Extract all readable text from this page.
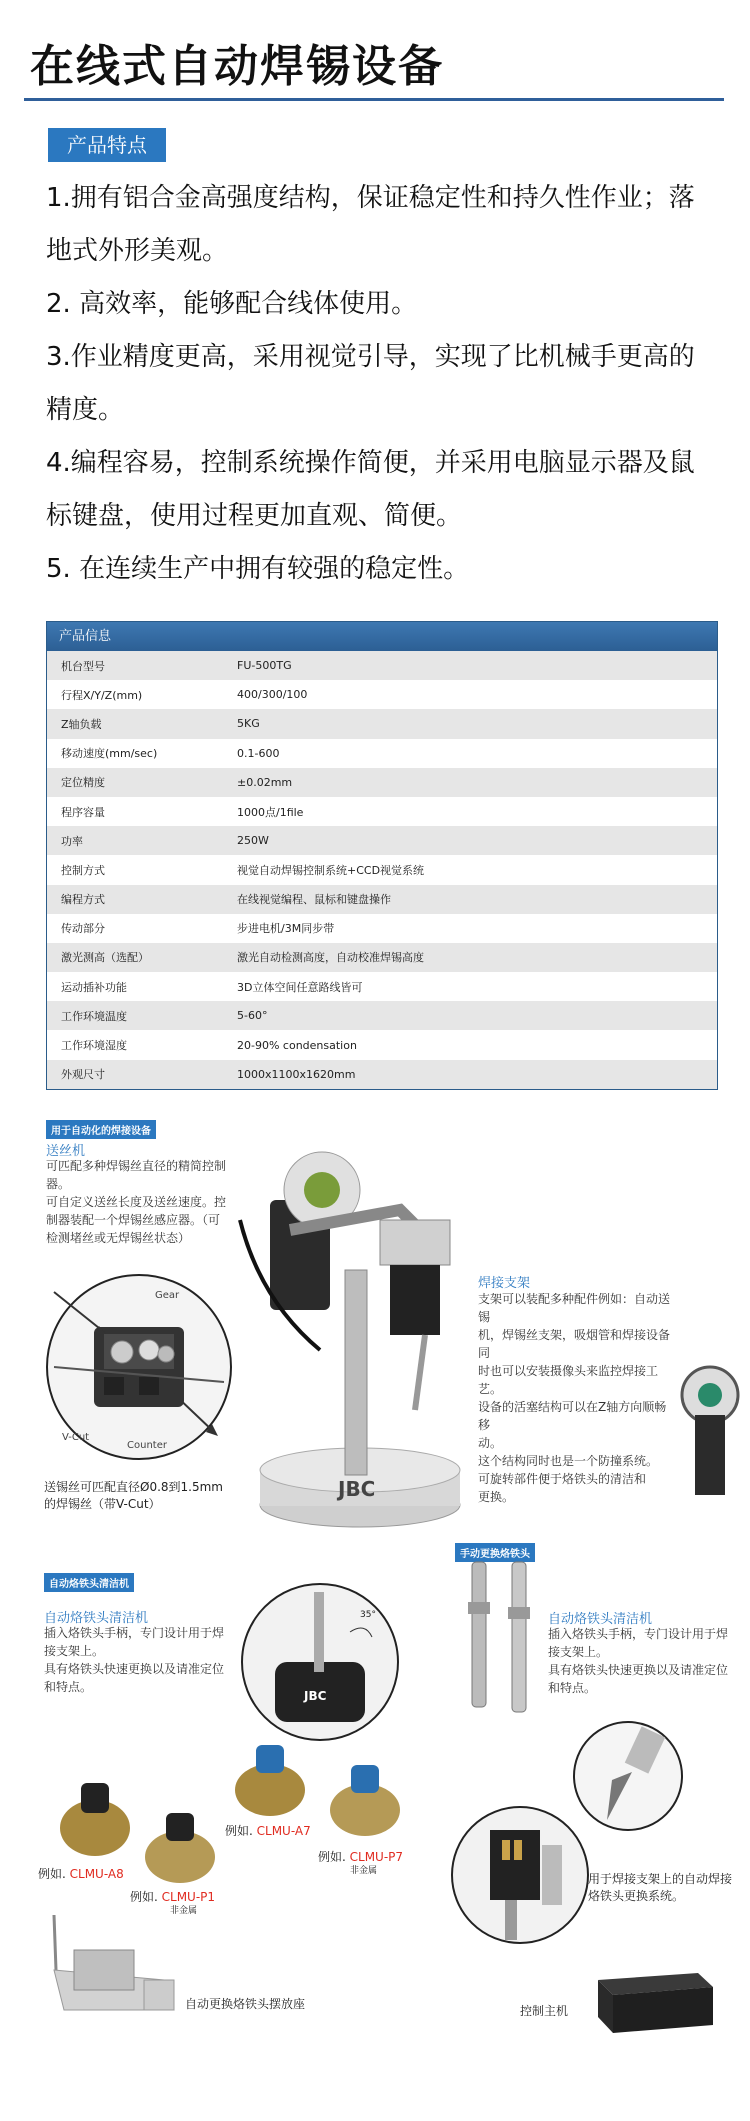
在线式自动焊锡设备
产品特点

1.拥有铝合金高强度结构，保证稳定性和持久性作业；落

地式外形美观。

2. 高效率，能够配合线体使用。

3.作业精度更高，采用视觉引导，实现了比机械手更高的

精度。

4.编程容易，控制系统操作简便，并采用电脑显示器及鼠

标键盘，使用过程更加直观、简便。

5. 在连续生产中拥有较强的稳定性。

产品信息
机台型号	FU-500TG
行程X/Y/Z(mm)	400/300/100
Z轴负载	5KG
移动速度(mm/sec)	0.1-600
定位精度	±0.02mm
程序容量	1000点/1file
功率	250W
控制方式	视觉自动焊锡控制系统+CCD视觉系统
编程方式	在线视觉编程、鼠标和键盘操作
传动部分	步进电机/3M同步带
激光测高（选配）	激光自动检测高度，自动校准焊锡高度
运动插补功能	3D立体空间任意路线皆可
工作环境温度	5-60°
工作环境湿度	20-90% condensation
外观尺寸	1000x1100x1620mm
用于自动化的焊接设备
送丝机
可匹配多种焊锡丝直径的精简控制
器。
可自定义送丝长度及送丝速度。控
制器装配一个焊锡丝感应器。（可
检测堵丝或无焊锡丝状态）
Gear
V-Cut
Counter
送锡丝可匹配直径Ø0.8到1.5mm
的焊锡丝（带V-Cut）
JBC
焊接支架
支架可以装配多种配件例如：自动送锡
机，焊锡丝支架，吸烟管和焊接设备同
时也可以安装摄像头来监控焊接工艺。
设备的活塞结构可以在Z轴方向顺畅移
动。
这个结构同时也是一个防撞系统。
可旋转部件便于烙铁头的清洁和
更换。
自动烙铁头清洁机
自动烙铁头清洁机
插入烙铁头手柄，专门设计用于焊
接支架上。
具有烙铁头快速更换以及请准定位
和特点。
JBC
35°
例如. CLMU-A8
例如. CLMU-P1
非金属
例如. CLMU-A7
例如. CLMU-P7
非金属
自动更换烙铁头摆放座
手动更换烙铁头
自动烙铁头清洁机
插入烙铁头手柄，专门设计用于焊
接支架上。
具有烙铁头快速更换以及请准定位
和特点。
用于焊接支架上的自动焊接
烙铁头更换系统。
控制主机
